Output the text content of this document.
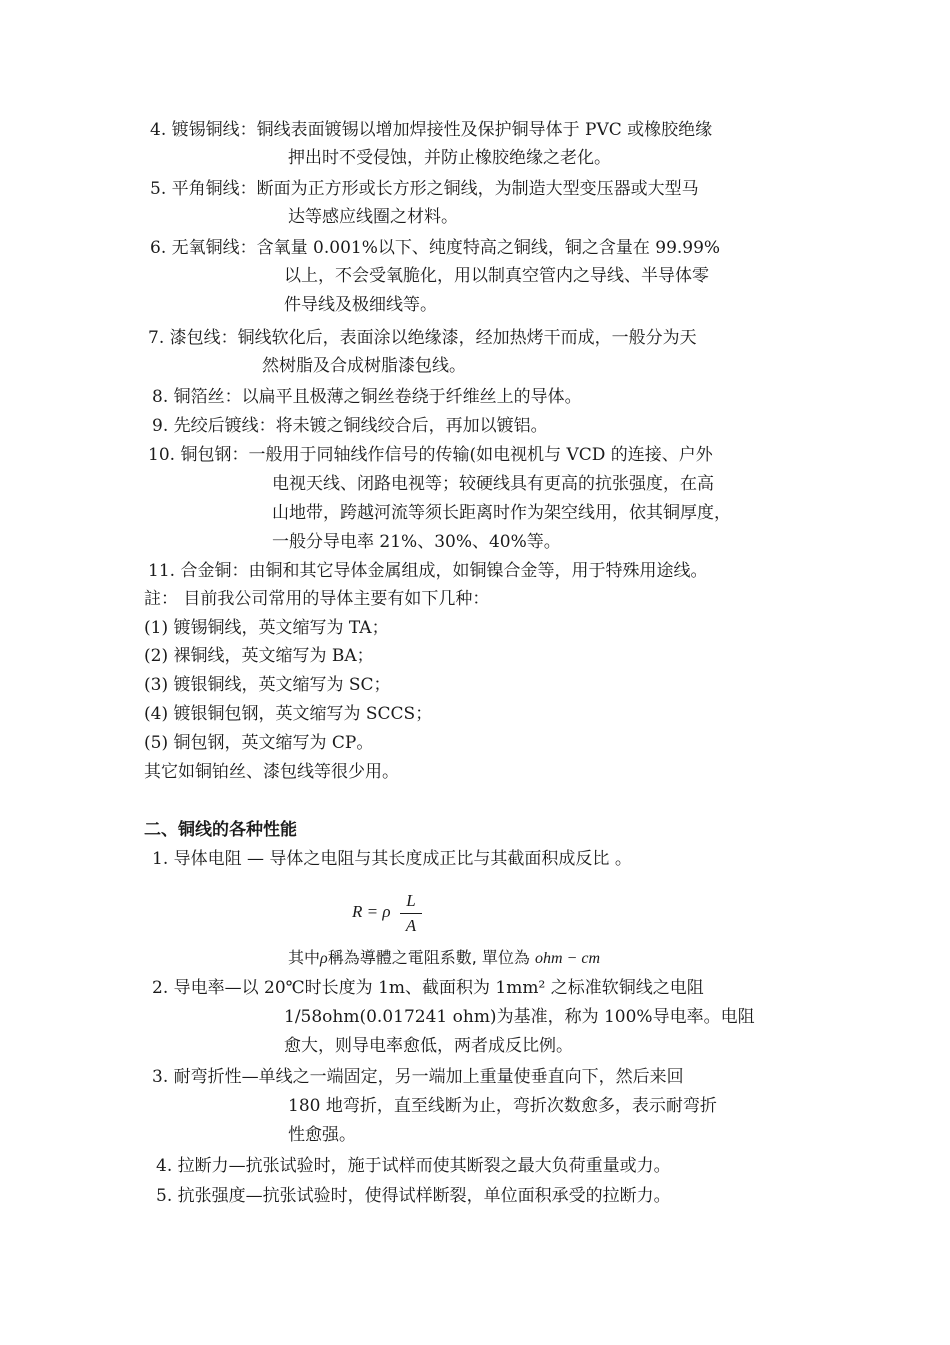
4. 镀锡铜线：铜线表面镀锡以增加焊接性及保护铜导体于 PVC 或橡胶绝缘
押出时不受侵蚀，并防止橡胶绝缘之老化。
5. 平角铜线：断面为正方形或长方形之铜线，为制造大型变压器或大型马
达等感应线圈之材料。
6. 无氧铜线：含氧量 0.001%以下、纯度特高之铜线，铜之含量在 99.99%
以上，不会受氧脆化，用以制真空管内之导线、半导体零
件导线及极细线等。
7. 漆包线：铜线软化后，表面涂以绝缘漆，经加热烤干而成，一般分为天
然树脂及合成树脂漆包线。
8. 铜箔丝：以扁平且极薄之铜丝卷绕于纤维丝上的导体。
9. 先绞后镀线：将未镀之铜线绞合后，再加以镀铝。
10. 铜包钢：一般用于同轴线作信号的传输(如电视机与 VCD 的连接、户外
电视天线、闭路电视等；较硬线具有更高的抗张强度，在高
山地带，跨越河流等须长距离时作为架空线用，依其铜厚度，
一般分导电率 21%、30%、40%等。
11. 合金铜：由铜和其它导体金属组成，如铜镍合金等，用于特殊用途线。
註： 目前我公司常用的导体主要有如下几种：
(1) 镀锡铜线，英文缩写为 TA；
(2) 裸铜线，英文缩写为 BA；
(3) 镀银铜线，英文缩写为 SC；
(4) 镀银铜包钢，英文缩写为 SCCS；
(5) 铜包钢，英文缩写为 CP。
其它如铜铂丝、漆包线等很少用。
二、铜线的各种性能
1. 导体电阻 — 导体之电阻与其长度成正比与其截面积成反比 。
R = ρ
L
A
其中ρ稱為導體之電阻系數, 單位為 ohm − cm
2. 导电率—以 20℃时长度为 1m、截面积为 1mm² 之标准软铜线之电阻
1/58ohm(0.017241 ohm)为基准，称为 100%导电率。电阻
愈大，则导电率愈低，两者成反比例。
3. 耐弯折性—单线之一端固定，另一端加上重量使垂直向下，然后来回
180 地弯折，直至线断为止，弯折次数愈多，表示耐弯折
性愈强。
4. 拉断力—抗张试验时，施于试样而使其断裂之最大负荷重量或力。
5. 抗张强度—抗张试验时，使得试样断裂，单位面积承受的拉断力。
